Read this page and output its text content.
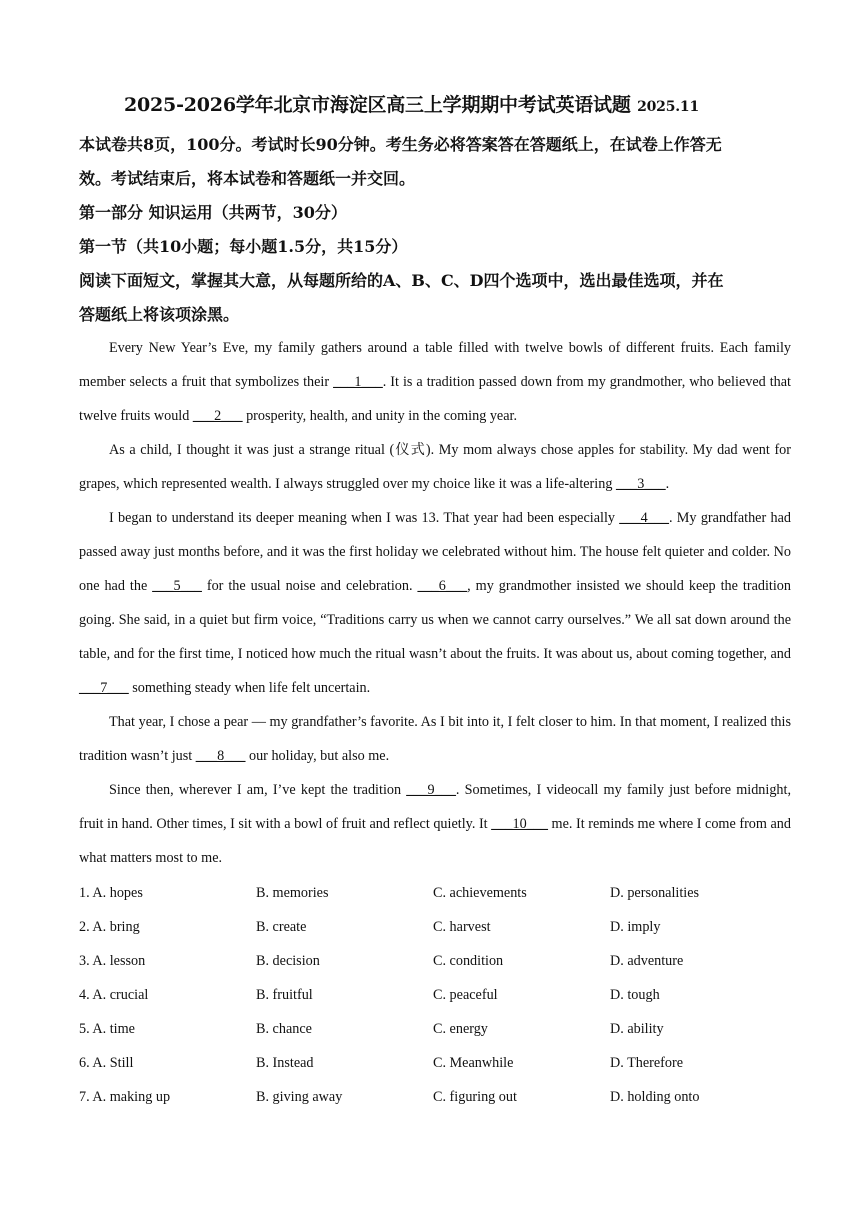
2025-2026学年北京市海淀区高三上学期期中考试英语试题 2025.11

本试卷共8页，100分。考试时长90分钟。考生务必将答案答在答题纸上，在试卷上作答无

效。考试结束后，将本试卷和答题纸一并交回。

第一部分 知识运用（共两节，30分）

第一节（共10小题；每小题1.5分，共15分）

阅读下面短文，掌握其大意，从每题所给的A、B、C、D四个选项中，选出最佳选项，并在

答题纸上将该项涂黑。

Every New Year’s Eve, my family gathers around a table filled with twelve bowls of different fruits. Each family member selects a fruit that symbolizes their ___1___. It is a tradition passed down from my grandmother, who believed that twelve fruits would ___2___ prosperity, health, and unity in the coming year.

As a child, I thought it was just a strange ritual (仪式). My mom always chose apples for stability. My dad went for grapes, which represented wealth. I always struggled over my choice like it was a life-altering ___3___.

I began to understand its deeper meaning when I was 13. That year had been especially ___4___. My grandfather had passed away just months before, and it was the first holiday we celebrated without him. The house felt quieter and colder. No one had the ___5___ for the usual noise and celebration. ___6___, my grandmother insisted we should keep the tradition going. She said, in a quiet but firm voice, “Traditions carry us when we cannot carry ourselves.” We all sat down around the table, and for the first time, I noticed how much the ritual wasn’t about the fruits. It was about us, about coming together, and ___7___ something steady when life felt uncertain.

That year, I chose a pear — my grandfather’s favorite. As I bit into it, I felt closer to him. In that moment, I realized this tradition wasn’t just ___8___ our holiday, but also me.

Since then, wherever I am, I’ve kept the tradition ___9___. Sometimes, I videocall my family just before midnight, fruit in hand. Other times, I sit with a bowl of fruit and reflect quietly. It ___10___ me. It reminds me where I come from and what matters most to me.

1. A. hopes	B. memories	C. achievements	D. personalities
2. A. bring	B. create	C. harvest	D. imply
3. A. lesson	B. decision	C. condition	D. adventure
4. A. crucial	B. fruitful	C. peaceful	D. tough
5. A. time	B. chance	C. energy	D. ability
6. A. Still	B. Instead	C. Meanwhile	D. Therefore
7. A. making up	B. giving away	C. figuring out	D. holding onto
